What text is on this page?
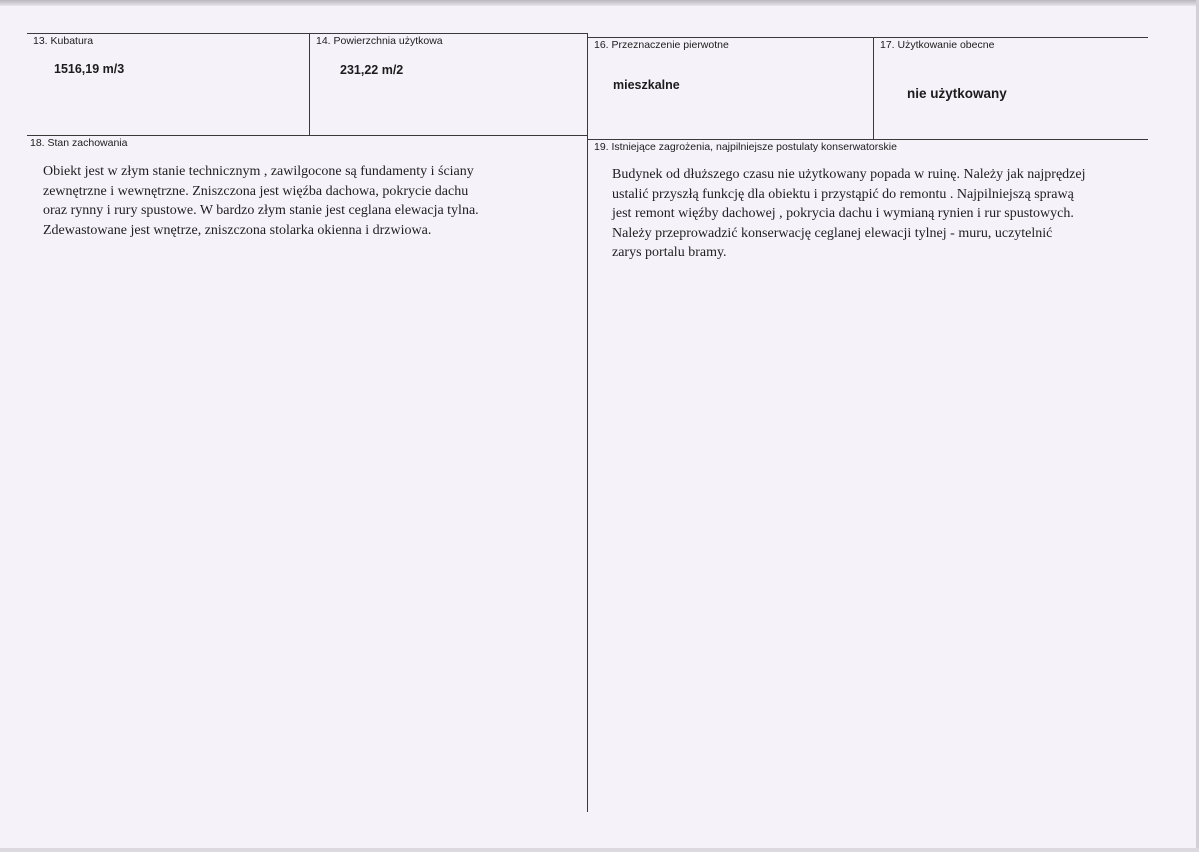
13. Kubatura
1516,19 m/3
14. Powierzchnia użytkowa
231,22 m/2
16. Przeznaczenie pierwotne
mieszkalne
17. Użytkowanie obecne
nie użytkowany
18. Stan zachowania
Obiekt jest w złym stanie technicznym , zawilgocone są fundamenty i ściany
zewnętrzne i wewnętrzne. Zniszczona jest więźba dachowa, pokrycie dachu
oraz rynny i rury spustowe. W bardzo złym stanie jest ceglana elewacja tylna.
Zdewastowane jest wnętrze, zniszczona stolarka okienna i drzwiowa.
19. Istniejące zagrożenia, najpilniejsze postulaty konserwatorskie
Budynek od dłuższego czasu nie użytkowany popada w ruinę. Należy jak najprędzej
ustalić przyszłą funkcję dla obiektu i przystąpić do remontu . Najpilniejszą sprawą
jest remont więźby dachowej , pokrycia dachu i wymianą rynien i rur spustowych.
Należy przeprowadzić konserwację ceglanej elewacji tylnej - muru, uczytelnić
zarys portalu bramy.
